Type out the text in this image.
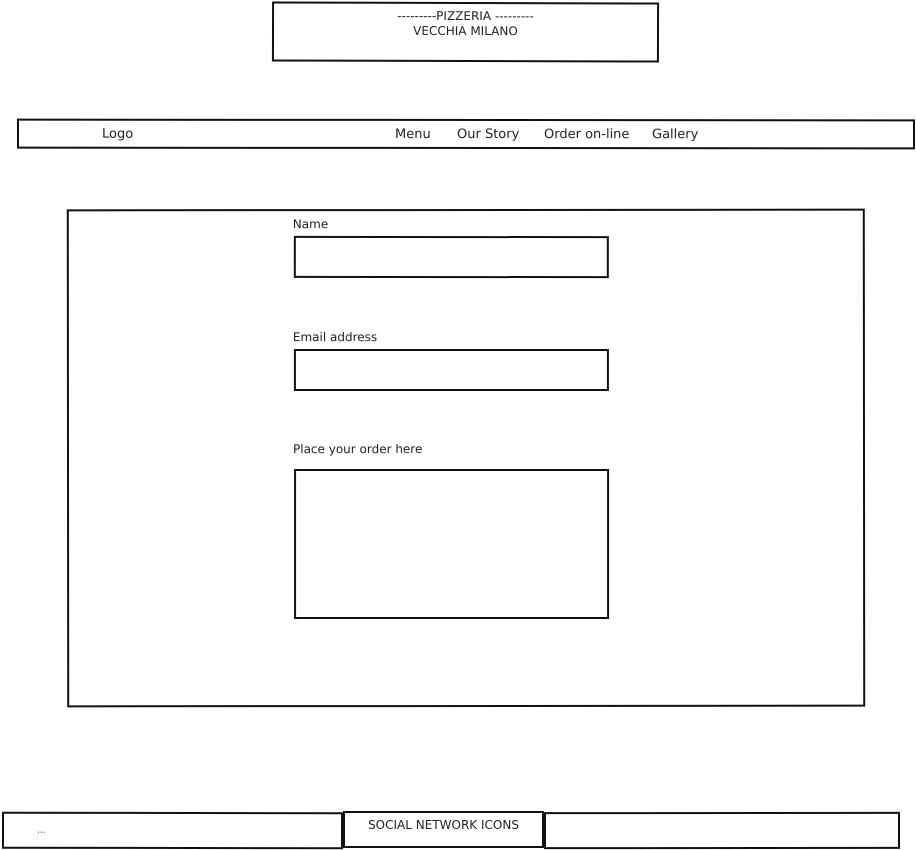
---------PIZZERIA ---------
VECCHIA MILANO
Logo	Menu Our Story Order on-line Gallery
Name
Email address
Place your order here
...	SOCIAL NETWORK ICONS
